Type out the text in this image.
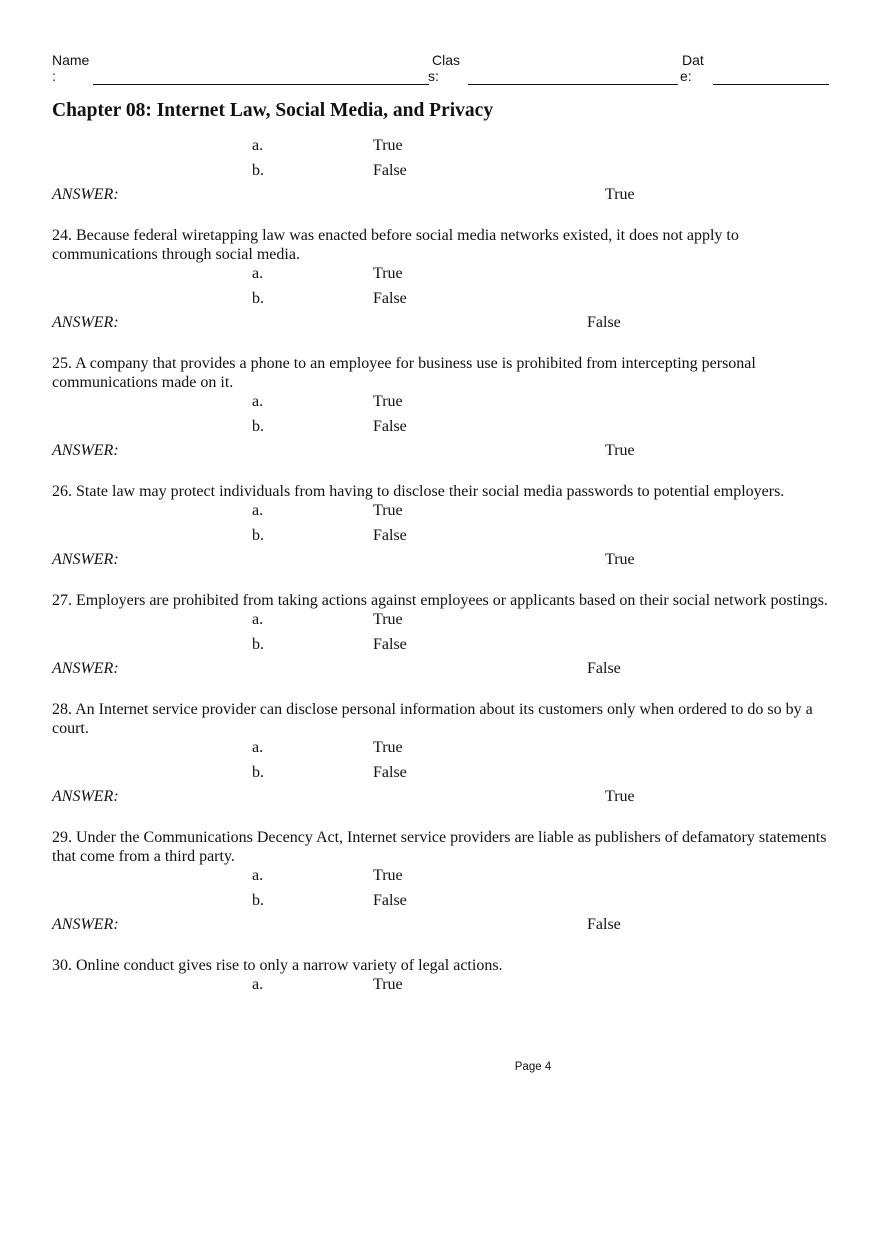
Name
:
Clas
s:
Dat
e:
Chapter 08: Internet Law, Social Media, and Privacy
a.	True
b.	False
ANSWER:	True

24. Because federal wiretapping law was enacted before social media networks existed, it does not apply to communications through social media.

a.	True
b.	False
ANSWER:	False

25. A company that provides a phone to an employee for business use is prohibited from intercepting personal communications made on it.

a.	True
b.	False
ANSWER:	True

26. State law may protect individuals from having to disclose their social media passwords to potential employers.

a.	True
b.	False
ANSWER:	True

27. Employers are prohibited from taking actions against employees or applicants based on their social network postings.

a.	True
b.	False
ANSWER:	False

28. An Internet service provider can disclose personal information about its customers only when ordered to do so by a court.

a.	True
b.	False
ANSWER:	True

29. Under the Communications Decency Act, Internet service providers are liable as publishers of defamatory statements that come from a third party.

a.	True
b.	False
ANSWER:	False

30. Online conduct gives rise to only a narrow variety of legal actions.

a.	True
Page 4
